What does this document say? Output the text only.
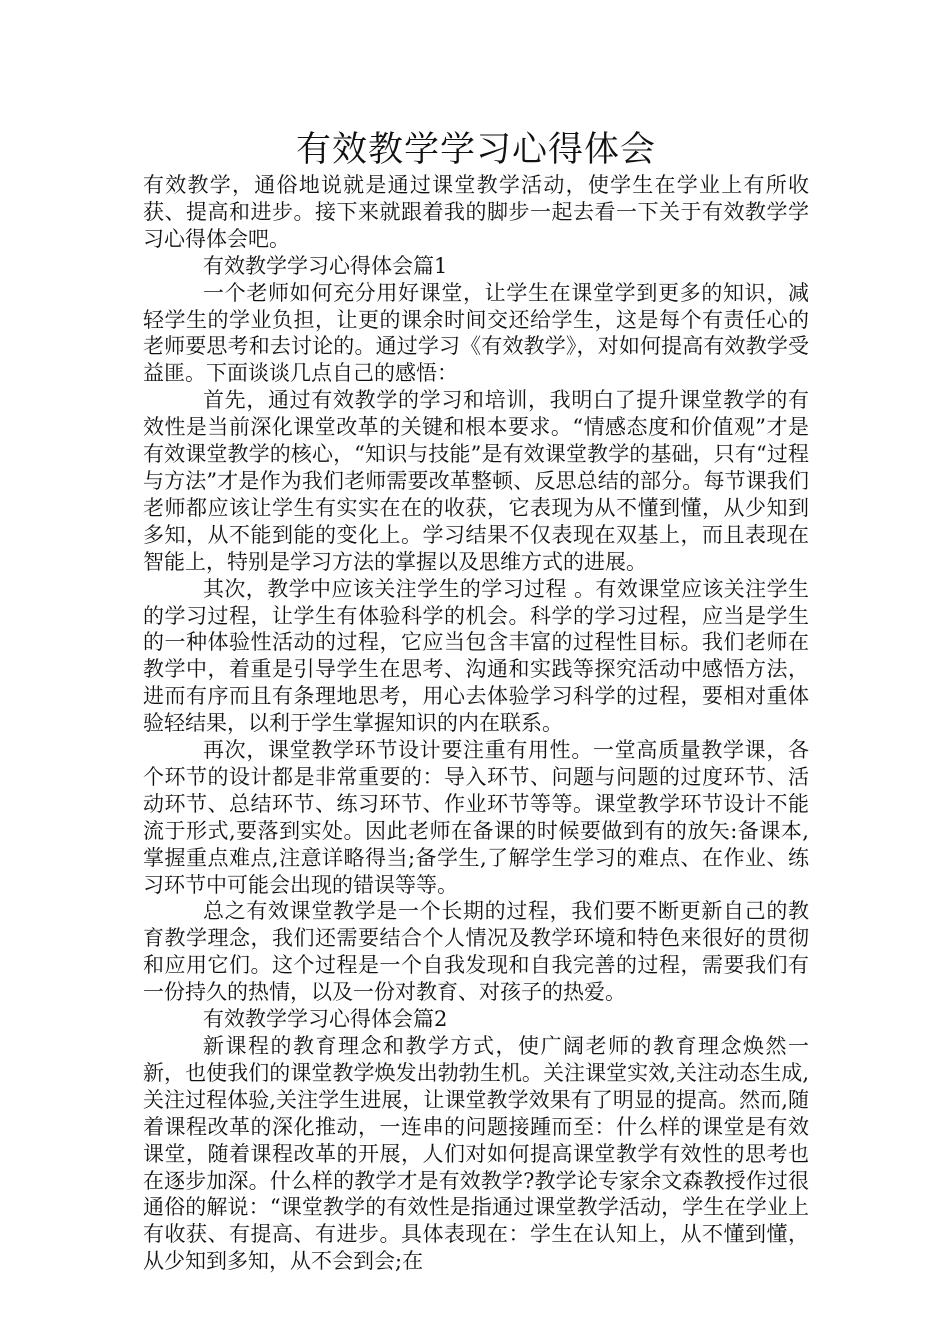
有效教学学习心得体会

有效教学，通俗地说就是通过课堂教学活动，使学生在学业上有所收获、提高和进步。接下来就跟着我的脚步一起去看一下关于有效教学学习心得体会吧。

有效教学学习心得体会篇1

一个老师如何充分用好课堂，让学生在课堂学到更多的知识，减轻学生的学业负担，让更的课余时间交还给学生，这是每个有责任心的老师要思考和去讨论的。通过学习《有效教学》，对如何提高有效教学受益匪。下面谈谈几点自己的感悟：

首先，通过有效教学的学习和培训，我明白了提升课堂教学的有效性是当前深化课堂改革的关键和根本要求。“情感态度和价值观”才是有效课堂教学的核心，“知识与技能”是有效课堂教学的基础，只有“过程与方法”才是作为我们老师需要改革整顿、反思总结的部分。每节课我们老师都应该让学生有实实在在的收获，它表现为从不懂到懂，从少知到多知，从不能到能的变化上。学习结果不仅表现在双基上，而且表现在智能上，特别是学习方法的掌握以及思维方式的进展。

其次，教学中应该关注学生的学习过程 。有效课堂应该关注学生的学习过程，让学生有体验科学的机会。科学的学习过程，应当是学生的一种体验性活动的过程，它应当包含丰富的过程性目标。我们老师在教学中，着重是引导学生在思考、沟通和实践等探究活动中感悟方法，进而有序而且有条理地思考，用心去体验学习科学的过程，要相对重体验轻结果，以利于学生掌握知识的内在联系。

再次，课堂教学环节设计要注重有用性。一堂高质量教学课，各个环节的设计都是非常重要的：导入环节、问题与问题的过度环节、活动环节、总结环节、练习环节、作业环节等等。课堂教学环节设计不能流于形式,要落到实处。因此老师在备课的时候要做到有的放矢:备课本,掌握重点难点,注意详略得当;备学生,了解学生学习的难点、在作业、练习环节中可能会出现的错误等等。

总之有效课堂教学是一个长期的过程，我们要不断更新自己的教育教学理念，我们还需要结合个人情况及教学环境和特色来很好的贯彻和应用它们。这个过程是一个自我发现和自我完善的过程，需要我们有一份持久的热情，以及一份对教育、对孩子的热爱。

有效教学学习心得体会篇2

新课程的教育理念和教学方式，使广阔老师的教育理念焕然一新，也使我们的课堂教学焕发出勃勃生机。关注课堂实效,关注动态生成,关注过程体验,关注学生进展，让课堂教学效果有了明显的提高。然而,随着课程改革的深化推动，一连串的问题接踵而至：什么样的课堂是有效课堂，随着课程改革的开展，人们对如何提高课堂教学有效性的思考也在逐步加深。什么样的教学才是有效教学?教学论专家余文森教授作过很通俗的解说：“课堂教学的有效性是指通过课堂教学活动，学生在学业上有收获、有提高、有进步。具体表现在：学生在认知上，从不懂到懂，从少知到多知，从不会到会;在
